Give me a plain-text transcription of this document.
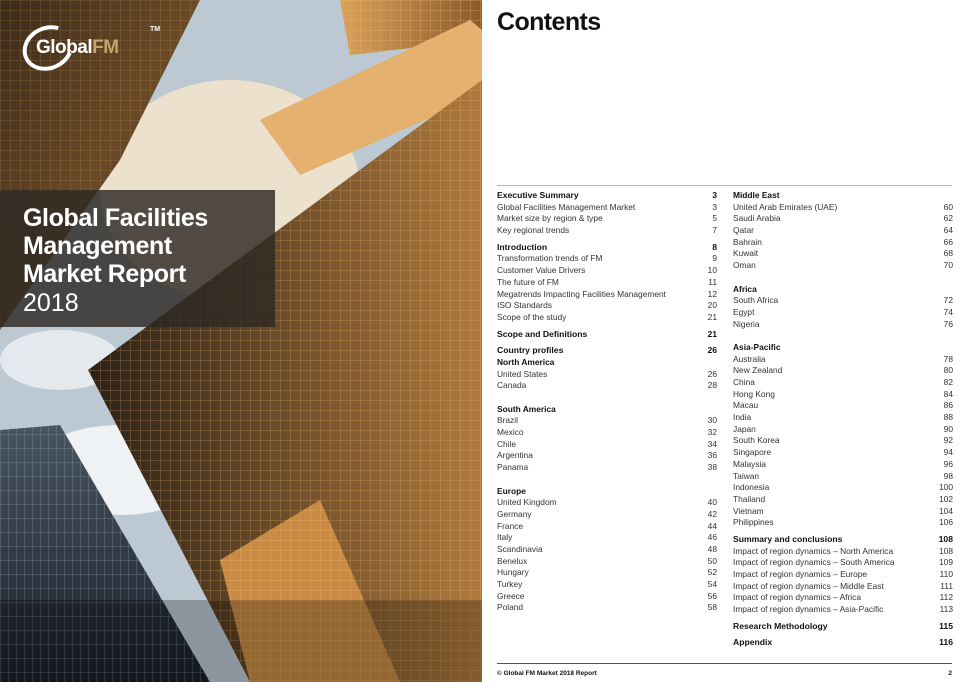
GlobalFM
TM
Global Facilities
Management
Market Report
2018
Contents
Executive Summary	3
Global Facilities Management Market	3
Market size by region & type	5
Key regional trends	7
Introduction	8
Transformation trends of FM	9
Customer Value Drivers	10
The future of FM	11
Megatrends Impacting Facilities Management	12
ISO Standards	20
Scope of the study	21
Scope and Definitions	21
Country profiles	26
North America
United States	26
Canada	28
South America
Brazil	30
Mexico	32
Chile	34
Argentina	36
Panama	38
Europe
United Kingdom	40
Germany	42
France	44
Italy	46
Scandinavia	48
Benelux	50
Hungary	52
Turkey	54
Greece	56
Poland	58
Middle East
United Arab Emirates (UAE)	60
Saudi Arabia	62
Qatar	64
Bahrain	66
Kuwait	68
Oman	70
Africa
South Africa	72
Egypt	74
Nigeria	76
Asia-Pacific
Australia	78
New Zealand	80
China	82
Hong Kong	84
Macau	86
India	88
Japan	90
South Korea	92
Singapore	94
Malaysia	96
Taiwan	98
Indonesia	100
Thailand	102
Vietnam	104
Philippines	106
Summary and conclusions	108
Impact of region dynamics – North America	108
Impact of region dynamics – South America	109
Impact of region dynamics – Europe	110
Impact of region dynamics – Middle East	111
Impact of region dynamics – Africa	112
Impact of region dynamics – Asia-Pacific	113
Research Methodology	115
Appendix	116
© Global FM Market 2018 Report	2
